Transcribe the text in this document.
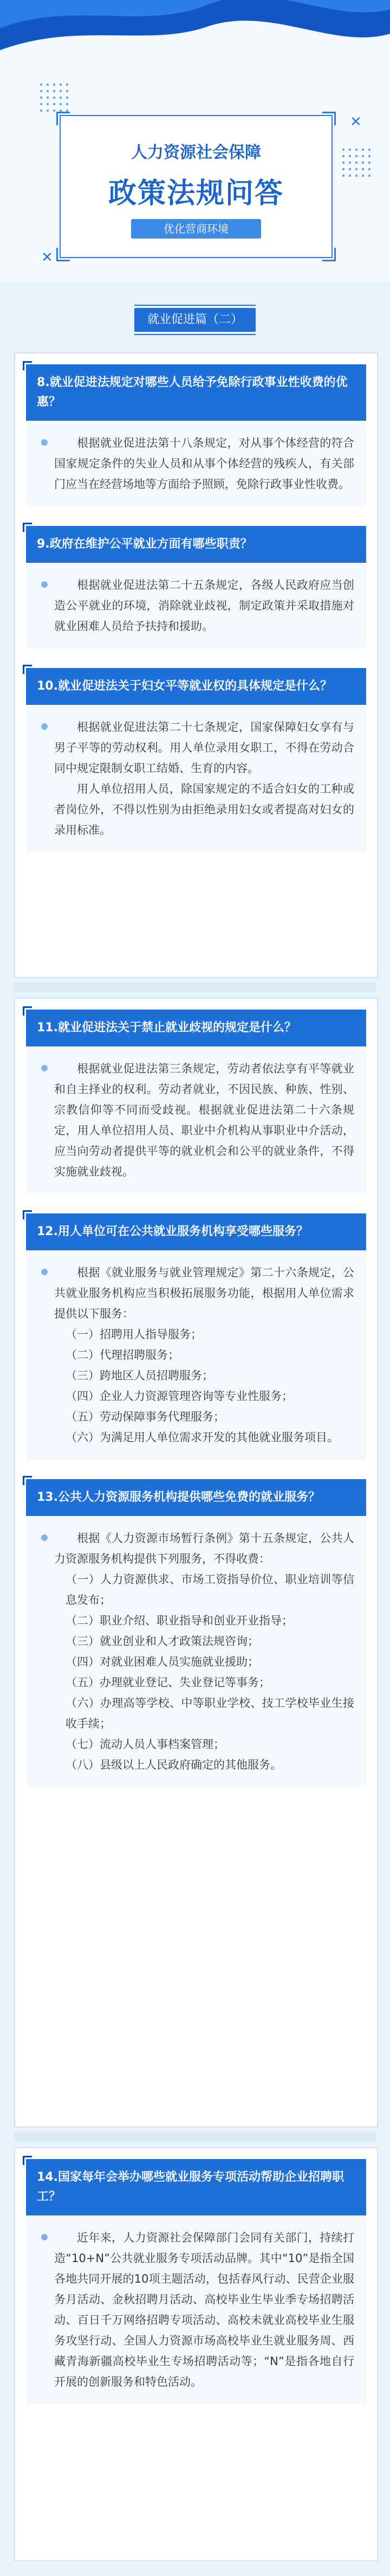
✕
✕
人力资源社会保障
政策法规问答
优化营商环境
就业促进篇（二）
8.就业促进法规定对哪些人员给予免除行政事业性收费的优惠？

根据就业促进法第十八条规定，对从事个体经营的符合国家规定条件的失业人员和从事个体经营的残疾人，有关部门应当在经营场地等方面给予照顾，免除行政事业性收费。

9.政府在维护公平就业方面有哪些职责？

根据就业促进法第二十五条规定，各级人民政府应当创造公平就业的环境，消除就业歧视，制定政策并采取措施对就业困难人员给予扶持和援助。

10.就业促进法关于妇女平等就业权的具体规定是什么？

根据就业促进法第二十七条规定，国家保障妇女享有与男子平等的劳动权利。用人单位录用女职工，不得在劳动合同中规定限制女职工结婚、生育的内容。

用人单位招用人员，除国家规定的不适合妇女的工种或者岗位外，不得以性别为由拒绝录用妇女或者提高对妇女的录用标准。

11.就业促进法关于禁止就业歧视的规定是什么？

根据就业促进法第三条规定，劳动者依法享有平等就业和自主择业的权利。劳动者就业，不因民族、种族、性别、宗教信仰等不同而受歧视。根据就业促进法第二十六条规定，用人单位招用人员、职业中介机构从事职业中介活动，应当向劳动者提供平等的就业机会和公平的就业条件，不得实施就业歧视。

12.用人单位可在公共就业服务机构享受哪些服务？

根据《就业服务与就业管理规定》第二十六条规定，公共就业服务机构应当积极拓展服务功能，根据用人单位需求提供以下服务：

（一）招聘用人指导服务；

（二）代理招聘服务；

（三）跨地区人员招聘服务；

（四）企业人力资源管理咨询等专业性服务；

（五）劳动保障事务代理服务；

（六）为满足用人单位需求开发的其他就业服务项目。

13.公共人力资源服务机构提供哪些免费的就业服务？

根据《人力资源市场暂行条例》第十五条规定，公共人力资源服务机构提供下列服务，不得收费：

（一）人力资源供求、市场工资指导价位、职业培训等信息发布；

（二）职业介绍、职业指导和创业开业指导；

（三）就业创业和人才政策法规咨询；

（四）对就业困难人员实施就业援助；

（五）办理就业登记、失业登记等事务；

（六）办理高等学校、中等职业学校、技工学校毕业生接收手续；

（七）流动人员人事档案管理；

（八）县级以上人民政府确定的其他服务。

14.国家每年会举办哪些就业服务专项活动帮助企业招聘职工？

近年来，人力资源社会保障部门会同有关部门，持续打造“10+N”公共就业服务专项活动品牌。其中“10”是指全国各地共同开展的10项主题活动，包括春风行动、民营企业服务月活动、金秋招聘月活动、高校毕业生毕业季专场招聘活动、百日千万网络招聘专项活动、高校未就业高校毕业生服务攻坚行动、全国人力资源市场高校毕业生就业服务周、西藏青海新疆高校毕业生专场招聘活动等；“N”是指各地自行开展的创新服务和特色活动。
